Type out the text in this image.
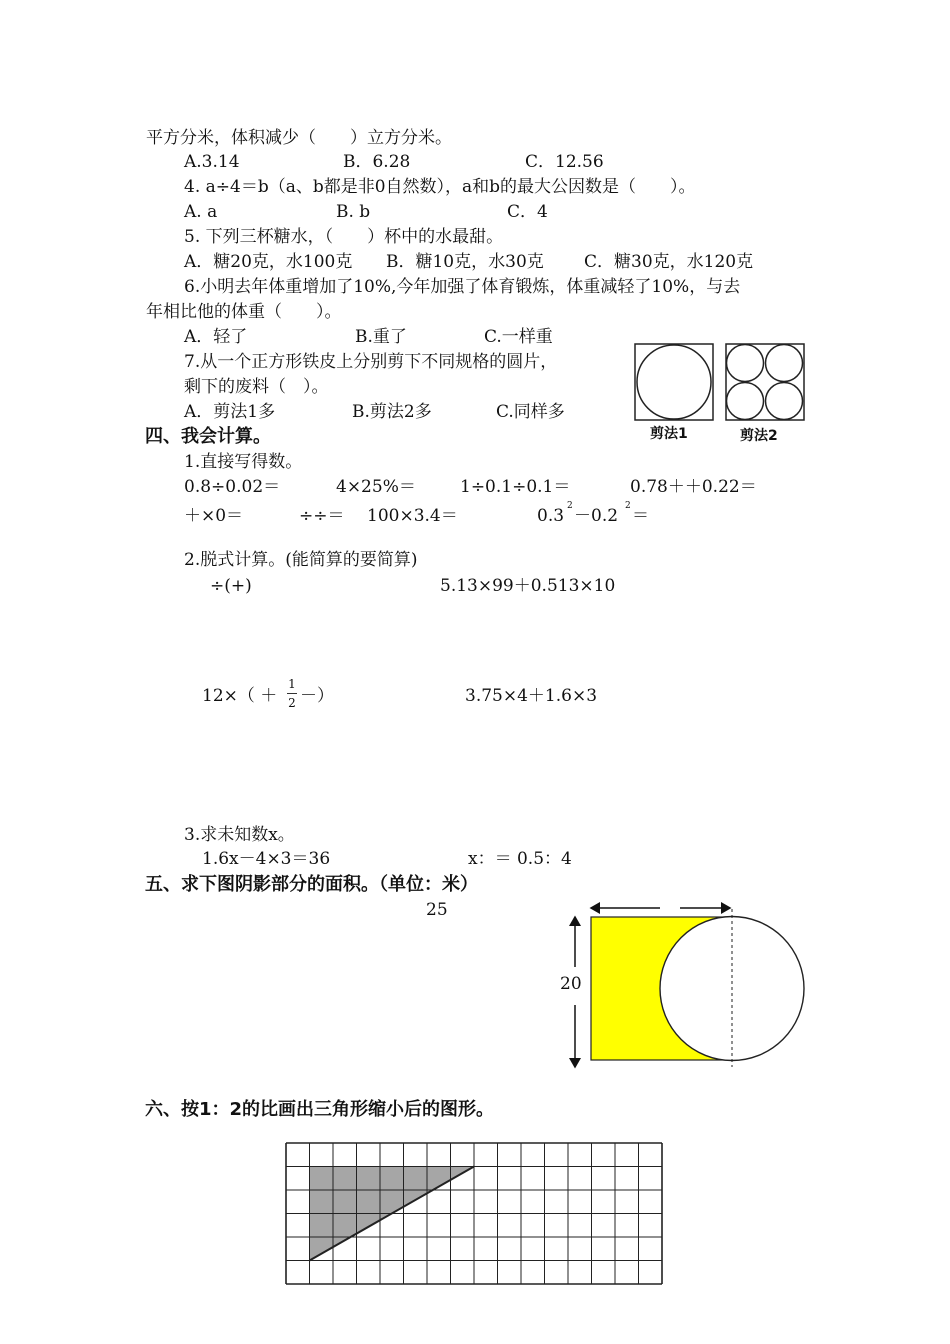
平方分米，体积减少（　　）立方分米。
A.3.14	B．6.28	C．12.56
4. a÷4＝b（a、b都是非0自然数），a和b的最大公因数是（　　）。
A. a	B. b	C．4
5. 下列三杯糖水，（　　）杯中的水最甜。
A．糖20克，水100克 B．糖10克，水30克 C．糖30克，水120克
6.小明去年体重增加了10%,今年加强了体育锻炼，体重减轻了10%，与去
年相比他的体重（　　）。
A．轻了	B.重了	C.一样重
7.从一个正方形铁皮上分别剪下不同规格的圆片，
剩下的废料（　）。
A．剪法1多	B.剪法2多	C.同样多
剪法1	剪法2
四、我会计算。
1.直接写得数。
0.8÷0.02＝	4×25%＝	1÷0.1÷0.1＝	0.78＋＋0.22＝
＋×0＝	÷÷＝ 100×3.4＝	0.3 2 －0.2 2 ＝
2.脱式计算。(能简算的要简算)
÷(+)	5.13×99＋0.513×10
12×（ ＋
1
2 －）	3.75×4＋1.6×3
3.求未知数x。
1.6x－4×3＝36	x：＝ 0.5：4
五、求下图阴影部分的面积。（单位：米）
25
20
六、按1：2的比画出三角形缩小后的图形。
